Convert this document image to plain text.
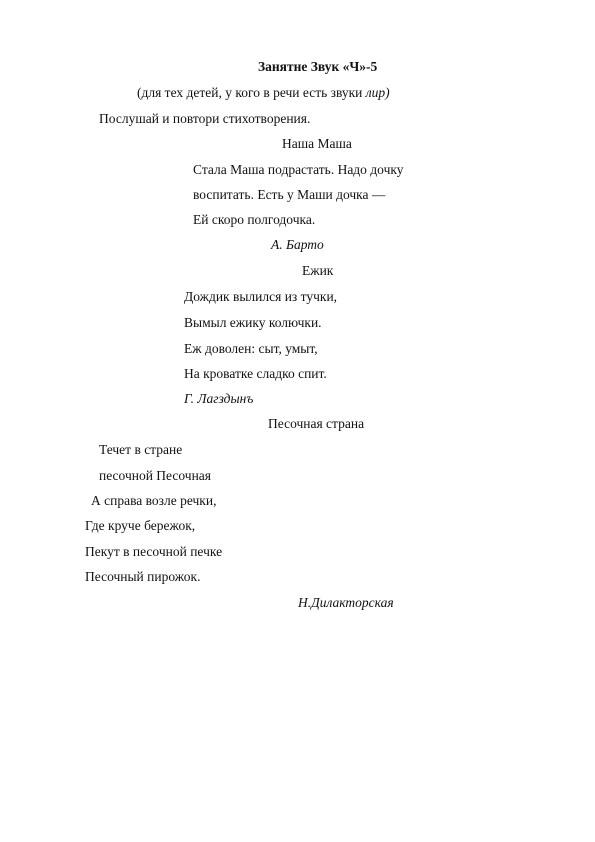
Занятне Звук «Ч»-5
(для тех детей, у кого в речи есть звуки лир)
Послушай и повтори стихотворения.
Наша Маша
Стала Маша подрастать. Надо дочку
воспитать. Есть у Маши дочка —
Ей скоро полгодочка.
А. Барто
Ежик
Дождик вылился из тучки,
Вымыл ежику колючки.
Еж доволен: сыт, умыт,
На кроватке сладко спит.
Г. Лагздынъ
Песочная страна
Течет в стране
песочной Песочная
А справа возле речки,
Где круче бережок,
Пекут в песочной печке
Песочный пирожок.
Н.Дилакторская
